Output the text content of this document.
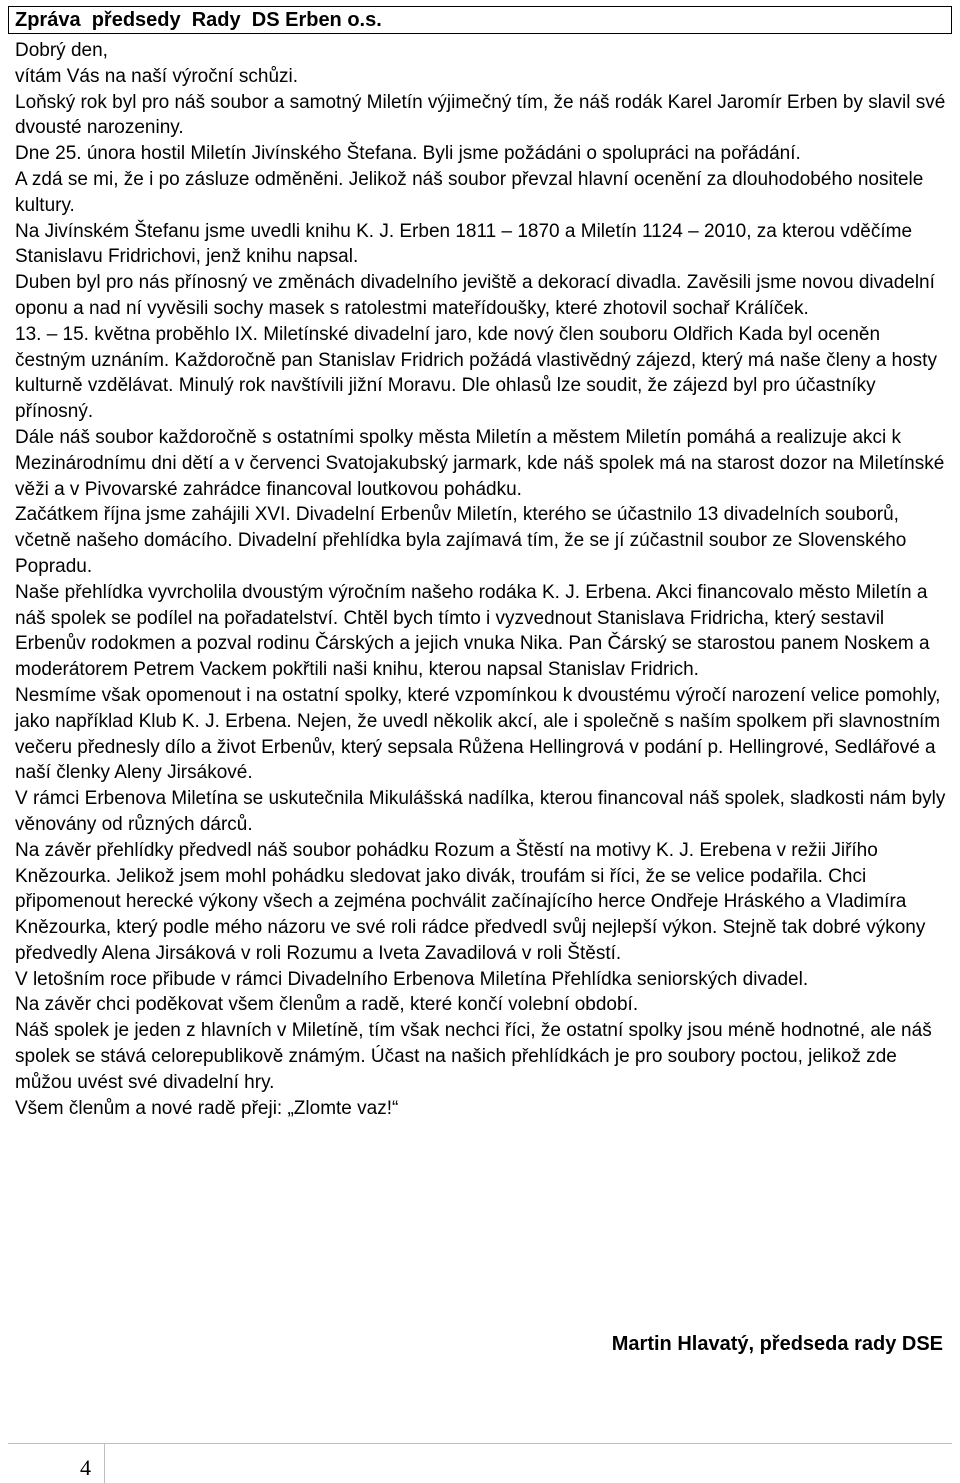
Zpráva  předsedy  Rady  DS Erben o.s.

Dobrý den,

vítám Vás na naší výroční schůzi.

Loňský rok byl pro náš soubor a samotný Miletín výjimečný tím, že náš rodák Karel Jaromír Erben by slavil své dvousté narozeniny.

Dne 25. února hostil Miletín Jivínského Štefana. Byli jsme požádáni o spolupráci na pořádání.

A zdá se mi, že i po zásluze odměněni. Jelikož náš soubor převzal hlavní ocenění za dlouhodobého nositele kultury.

Na Jivínském Štefanu jsme uvedli knihu K. J. Erben 1811 – 1870 a Miletín 1124 – 2010, za kterou vděčíme Stanislavu Fridrichovi, jenž knihu napsal.

Duben byl pro nás přínosný ve změnách divadelního jeviště a dekorací divadla. Zavěsili jsme novou divadelní oponu a nad ní vyvěsili sochy masek s ratolestmi mateřídoušky, které zhotovil sochař Králíček.

13. – 15. května proběhlo IX. Miletínské divadelní jaro, kde nový člen souboru Oldřich Kada byl oceněn čestným uznáním. Každoročně pan Stanislav Fridrich požádá vlastivědný zájezd, který má naše členy a hosty kulturně vzdělávat. Minulý rok navštívili jižní Moravu. Dle ohlasů lze soudit, že zájezd byl pro účastníky přínosný.

Dále náš soubor každoročně s ostatními spolky města Miletín a městem Miletín pomáhá a realizuje akci k Mezinárodnímu dni dětí a v červenci Svatojakubský jarmark, kde náš spolek má na starost dozor na Miletínské věži a v Pivovarské zahrádce financoval loutkovou pohádku.

Začátkem října jsme zahájili XVI. Divadelní Erbenův Miletín, kterého se účastnilo 13 divadelních souborů, včetně našeho domácího. Divadelní přehlídka byla zajímavá tím, že se jí zúčastnil soubor ze Slovenského Popradu.

Naše přehlídka vyvrcholila dvoustým výročním našeho rodáka K. J. Erbena. Akci financovalo město Miletín a náš spolek se podílel na pořadatelství. Chtěl bych tímto i vyzvednout Stanislava Fridricha, který sestavil Erbenův rodokmen a pozval rodinu Čárských a jejich vnuka Nika. Pan Čárský se starostou panem Noskem a moderátorem Petrem Vackem pokřtili naši knihu, kterou napsal Stanislav Fridrich.

Nesmíme však opomenout i na ostatní spolky, které vzpomínkou k dvoustému výročí narození velice pomohly, jako například Klub K. J. Erbena. Nejen, že uvedl několik akcí, ale i společně s naším spolkem při slavnostním večeru přednesly dílo a život Erbenův, který sepsala Růžena Hellingrová v podání p. Hellingrové, Sedlářové a naší členky Aleny Jirsákové.

V rámci Erbenova Miletína se uskutečnila Mikulášská nadílka, kterou financoval náš spolek, sladkosti nám byly věnovány od různých dárců.

Na závěr přehlídky předvedl náš soubor pohádku Rozum a Štěstí na motivy K. J. Erebena v režii Jiřího Knězourka. Jelikož jsem mohl pohádku sledovat jako divák, troufám si říci, že se velice podařila. Chci připomenout herecké výkony všech a zejména pochválit začínajícího herce Ondřeje Hráského a Vladimíra Knězourka, který podle mého názoru ve své roli rádce předvedl svůj nejlepší výkon. Stejně tak dobré výkony předvedly Alena Jirsáková v roli Rozumu a Iveta Zavadilová v roli Štěstí.

V letošním roce přibude v rámci Divadelního Erbenova Miletína Přehlídka seniorských divadel.

Na závěr chci poděkovat všem členům a radě, které končí volební období.

Náš spolek je jeden z hlavních v Miletíně, tím však nechci říci, že ostatní spolky jsou méně hodnotné, ale náš spolek se stává celorepublikově známým. Účast na našich přehlídkách je pro soubory poctou, jelikož zde můžou uvést své divadelní hry.

Všem členům a nové radě přeji: „Zlomte vaz!“

Martin Hlavatý, předseda rady DSE
4
